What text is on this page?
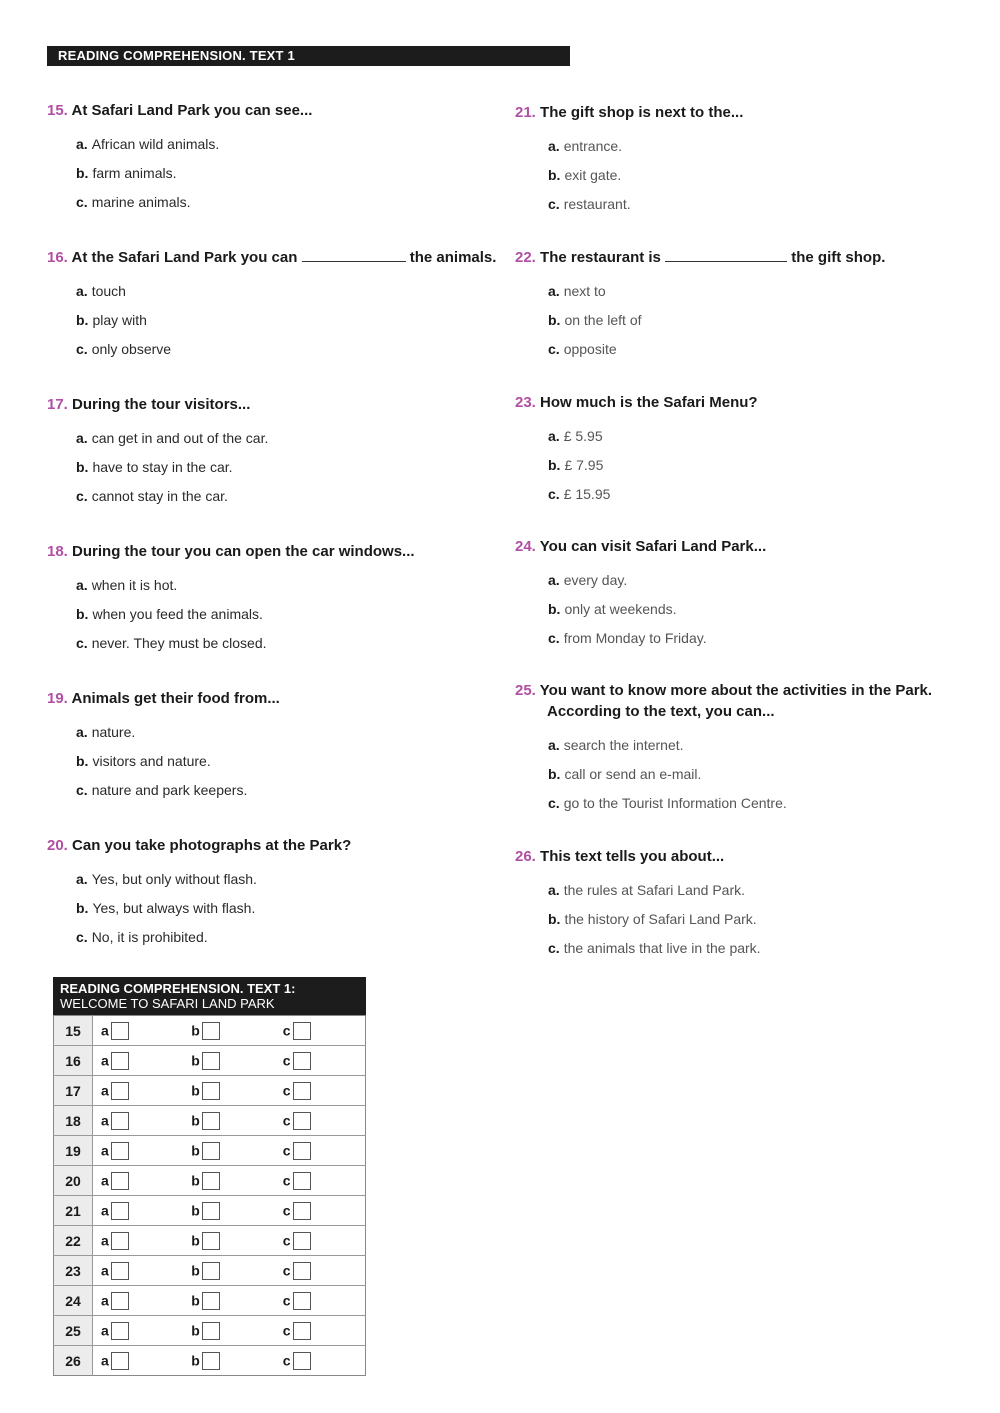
READING COMPREHENSION. TEXT 1

15. At Safari Land Park you can see...

a. African wild animals.
b. farm animals.
c. marine animals.

16. At the Safari Land Park you can	the animals.

a. touch
b. play with
c. only observe

17. During the tour visitors...

a. can get in and out of the car.
b. have to stay in the car.
c. cannot stay in the car.

18. During the tour you can open the car windows...

a. when it is hot.
b. when you feed the animals.
c. never. They must be closed.

19. Animals get their food from...

a. nature.
b. visitors and nature.
c. nature and park keepers.

20. Can you take photographs at the Park?

a. Yes, but only without flash.
b. Yes, but always with flash.
c. No, it is prohibited.

21. The gift shop is next to the...

a. entrance.
b. exit gate.
c. restaurant.

22. The restaurant is	the gift shop.

a. next to
b. on the left of
c. opposite

23. How much is the Safari Menu?

a. £ 5.95
b. £ 7.95
c. £ 15.95

24. You can visit Safari Land Park...

a. every day.
b. only at weekends.
c. from Monday to Friday.

25. You want to know more about the activities in the Park.
According to the text, you can...

a. search the internet.
b. call or send an e-mail.
c. go to the Tourist Information Centre.

26. This text tells you about...

a. the rules at Safari Land Park.
b. the history of Safari Land Park.
c. the animals that live in the park.
READING COMPREHENSION. TEXT 1:
WELCOME TO SAFARI LAND PARK
15	a	b	c
16	a	b	c
17	a	b	c
18	a	b	c
19	a	b	c
20	a	b	c
21	a	b	c
22	a	b	c
23	a	b	c
24	a	b	c
25	a	b	c
26	a	b	c
